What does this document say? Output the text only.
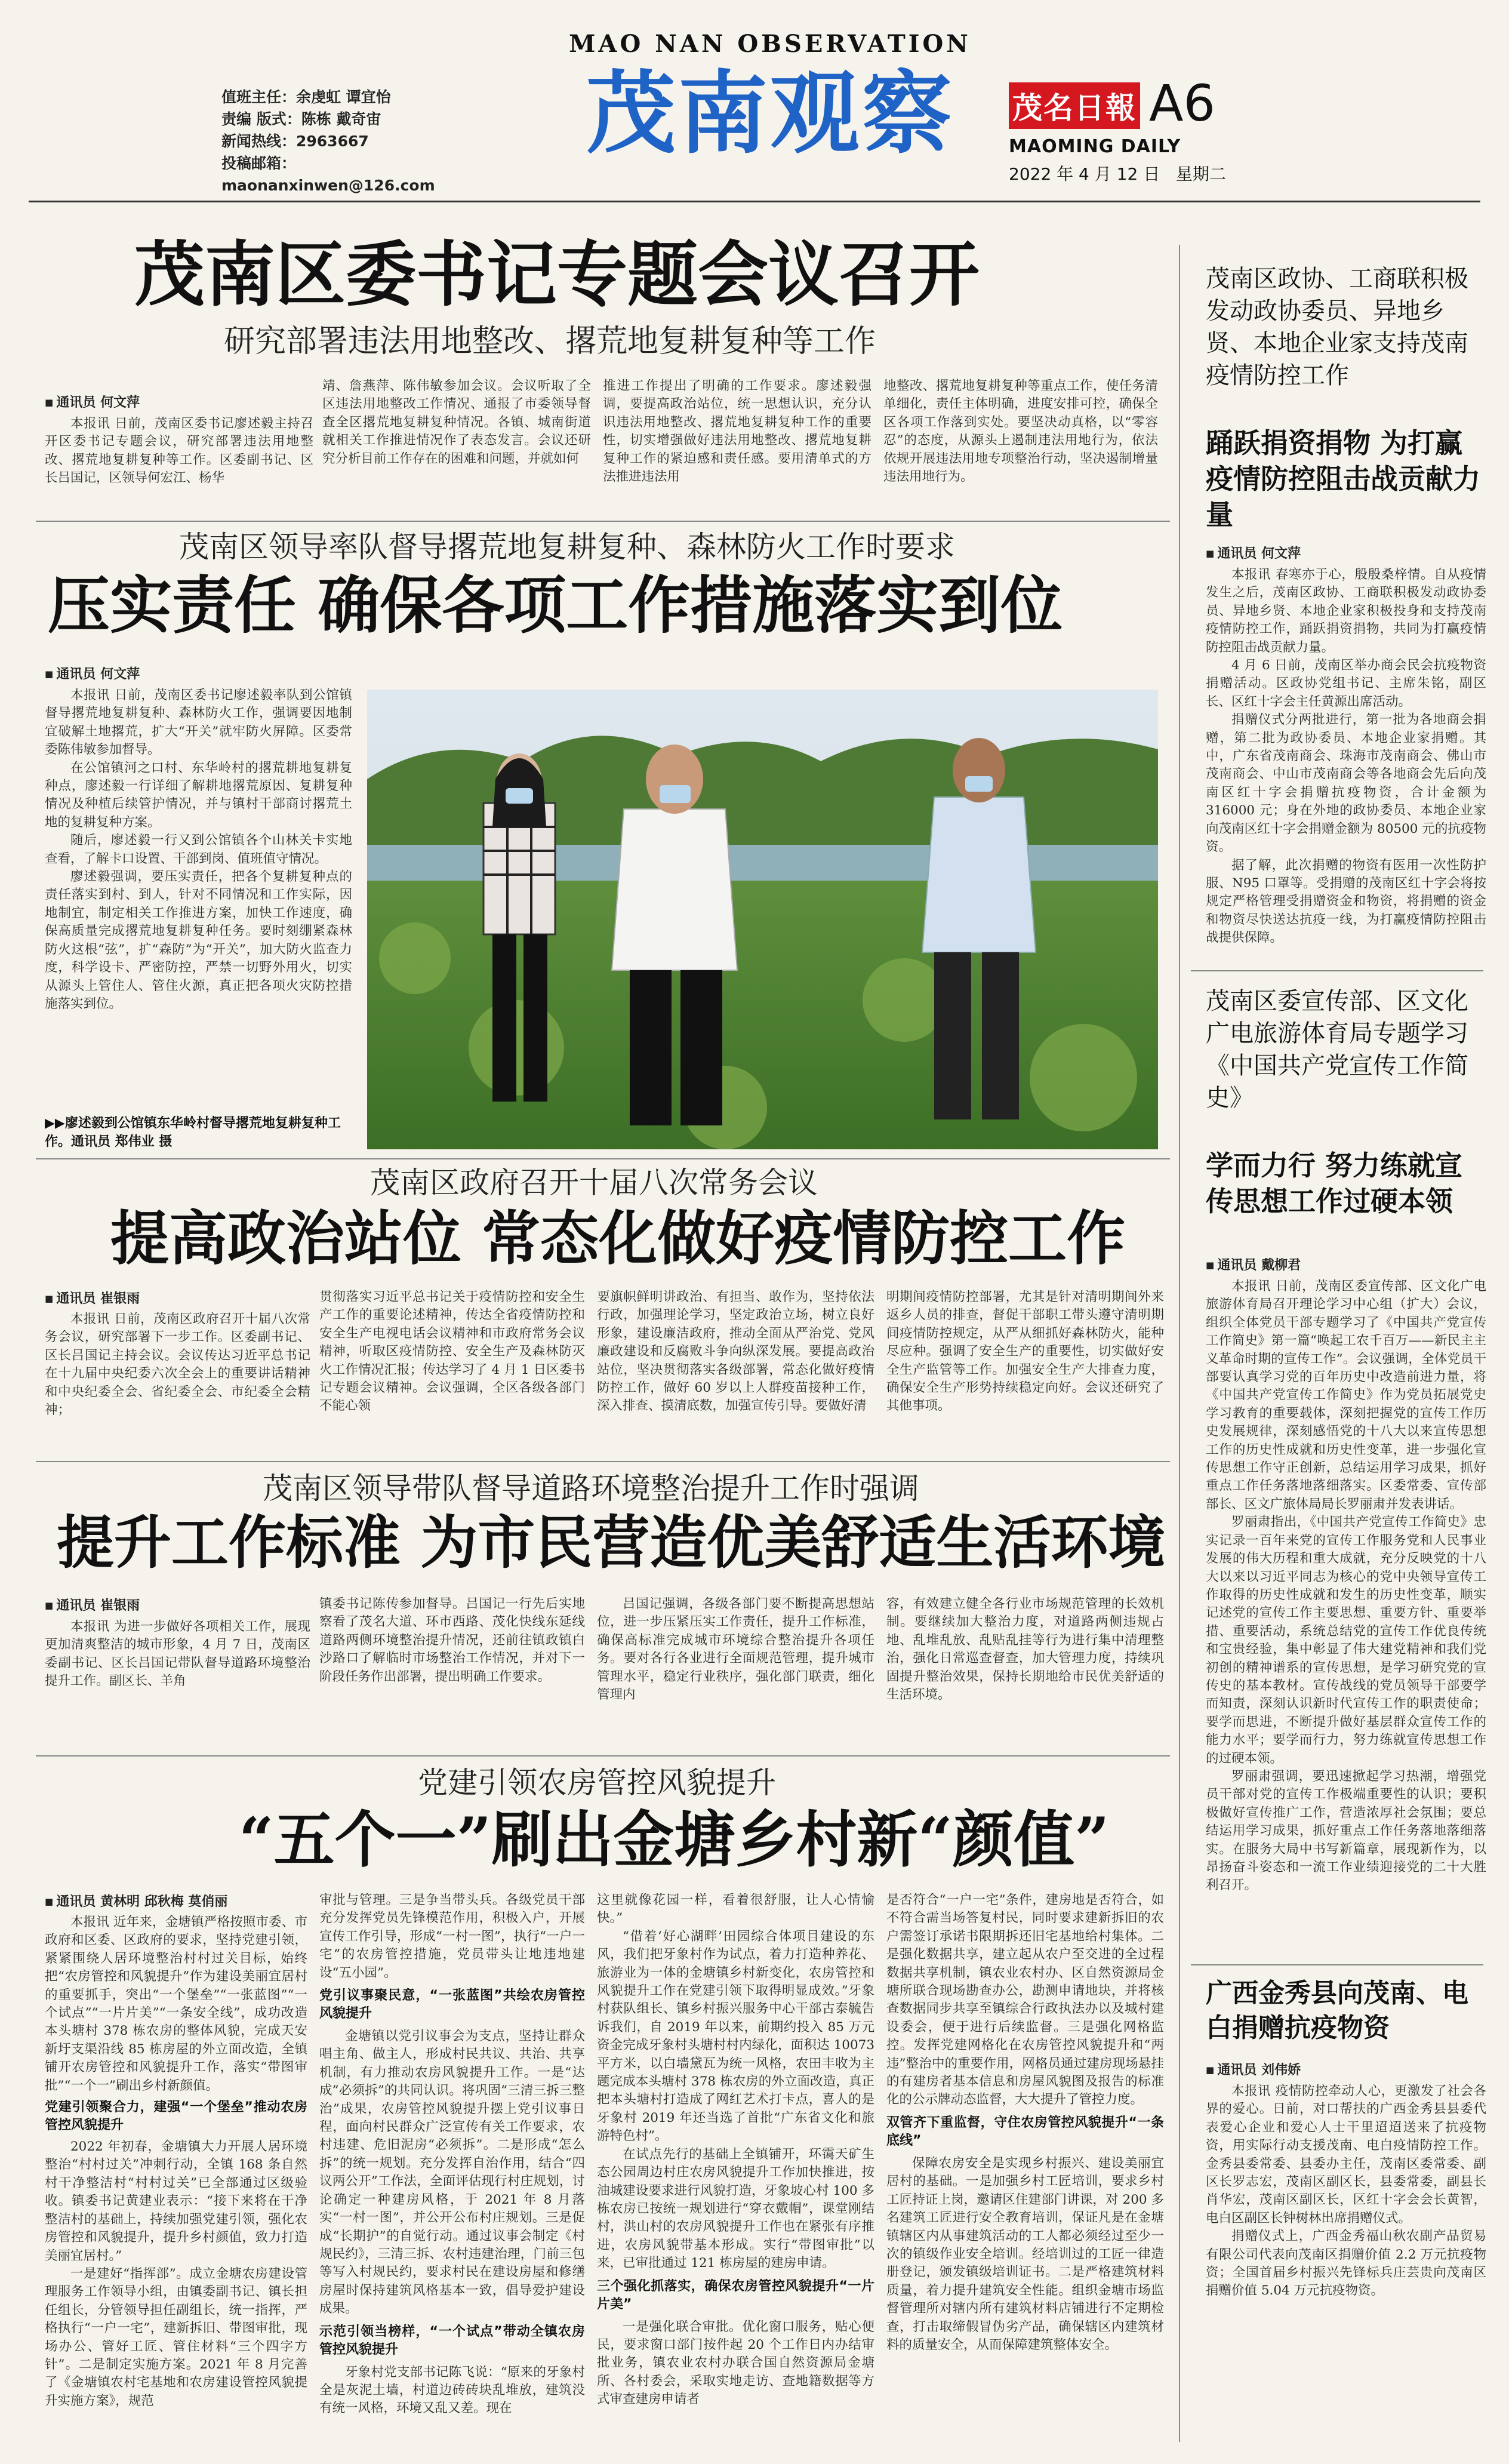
值班主任：余虔虹 谭宜怡
责编 版式：陈栋 戴奇宙
新闻热线：2963667
投稿邮箱：maonanxinwen@126.com
MAO NAN OBSERVATION
茂南观察	茂名日報 A6
MAOMING DAILY
2022 年 4 月 12 日   星期二
茂南区委书记专题会议召开
研究部署违法用地整改、撂荒地复耕复种等工作
■ 通讯员 何文萍

本报讯 日前，茂南区委书记廖述毅主持召开区委书记专题会议，研究部署违法用地整改、撂荒地复耕复种等工作。区委副书记、区长吕国记，区领导何宏江、杨华

靖、詹燕萍、陈伟敏参加会议。会议听取了全区违法用地整改工作情况、通报了市委领导督查全区撂荒地复耕复种情况。各镇、城南街道就相关工作推进情况作了表态发言。会议还研究分析目前工作存在的困难和问题，并就如何

推进工作提出了明确的工作要求。廖述毅强调，要提高政治站位，统一思想认识，充分认识违法用地整改、撂荒地复耕复种工作的重要性，切实增强做好违法用地整改、撂荒地复耕复种工作的紧迫感和责任感。要用清单式的方法推进违法用

地整改、撂荒地复耕复种等重点工作，使任务清单细化，责任主体明确，进度安排可控，确保全区各项工作落到实处。要坚决动真格，以“零容忍”的态度，从源头上遏制违法用地行为，依法依规开展违法用地专项整治行动，坚决遏制增量违法用地行为。

茂南区领导率队督导撂荒地复耕复种、森林防火工作时要求
压实责任 确保各项工作措施落实到位
■ 通讯员 何文萍

本报讯 日前，茂南区委书记廖述毅率队到公馆镇督导撂荒地复耕复种、森林防火工作，强调要因地制宜破解土地撂荒，扩大“开关”就牢防火屏障。区委常委陈伟敏参加督导。

在公馆镇河之口村、东华岭村的撂荒耕地复耕复种点，廖述毅一行详细了解耕地撂荒原因、复耕复种情况及种植后续管护情况，并与镇村干部商讨撂荒土地的复耕复种方案。

随后，廖述毅一行又到公馆镇各个山林关卡实地查看，了解卡口设置、干部到岗、值班值守情况。

廖述毅强调，要压实责任，把各个复耕复种点的责任落实到村、到人，针对不同情况和工作实际，因地制宜，制定相关工作推进方案，加快工作速度，确保高质量完成撂荒地复耕复种任务。要时刻绷紧森林防火这根“弦”，扩“森防”为“开关”，加大防火监查力度，科学设卡、严密防控，严禁一切野外用火，切实从源头上管住人、管住火源，真正把各项火灾防控措施落实到位。

▶▶廖述毅到公馆镇东华岭村督导撂荒地复耕复种工作。通讯员 郑伟业 摄
茂南区政府召开十届八次常务会议
提高政治站位 常态化做好疫情防控工作
■ 通讯员 崔银雨

本报讯 日前，茂南区政府召开十届八次常务会议，研究部署下一步工作。区委副书记、区长吕国记主持会议。会议传达习近平总书记在十九届中央纪委六次全会上的重要讲话精神和中央纪委全会、省纪委全会、市纪委全会精神；

贯彻落实习近平总书记关于疫情防控和安全生产工作的重要论述精神，传达全省疫情防控和安全生产电视电话会议精神和市政府常务会议精神，听取区疫情防控、安全生产及森林防灭火工作情况汇报；传达学习了 4 月 1 日区委书记专题会议精神。会议强调，全区各级各部门不能心领

要旗帜鲜明讲政治、有担当、敢作为，坚持依法行政，加强理论学习，坚定政治立场，树立良好形象，建设廉洁政府，推动全面从严治党、党风廉政建设和反腐败斗争向纵深发展。要提高政治站位，坚决贯彻落实各级部署，常态化做好疫情防控工作，做好 60 岁以上人群疫苗接种工作，深入排查、摸清底数，加强宣传引导。要做好清

明期间疫情防控部署，尤其是针对清明期间外来返乡人员的排查，督促干部职工带头遵守清明期间疫情防控规定，从严从细抓好森林防火，能种尽应种。强调了安全生产的重要性，切实做好安全生产监管等工作。加强安全生产大排查力度，确保安全生产形势持续稳定向好。会议还研究了其他事项。

茂南区领导带队督导道路环境整治提升工作时强调
提升工作标准 为市民营造优美舒适生活环境
■ 通讯员 崔银雨

本报讯 为进一步做好各项相关工作，展现更加清爽整洁的城市形象，4 月 7 日，茂南区委副书记、区长吕国记带队督导道路环境整治提升工作。副区长、羊角

镇委书记陈传参加督导。吕国记一行先后实地察看了茂名大道、环市西路、茂化快线东延线道路两侧环境整治提升情况，还前往镇政镇白沙路口了解临时市场整治工作情况，并对下一阶段任务作出部署，提出明确工作要求。

吕国记强调，各级各部门要不断提高思想站位，进一步压紧压实工作责任，提升工作标准，确保高标准完成城市环境综合整治提升各项任务。要对各行各业进行全面规范管理，提升城市管理水平，稳定行业秩序，强化部门联责，细化管理内

容，有效建立健全各行业市场规范管理的长效机制。要继续加大整治力度，对道路两侧违规占地、乱堆乱放、乱贴乱挂等行为进行集中清理整治，强化日常巡查督查，加大管理力度，持续巩固提升整治效果，保持长期地给市民优美舒适的生活环境。

党建引领农房管控风貌提升
“五个一”刷出金塘乡村新“颜值”
■ 通讯员 黄林明 邱秋梅 莫俏丽

本报讯 近年来，金塘镇严格按照市委、市政府和区委、区政府的要求，坚持党建引领，紧紧围绕人居环境整治村村过关目标，始终把“农房管控和风貌提升”作为建设美丽宜居村的重要抓手，突出“一个堡垒”“一张蓝图”“一个试点”“一片片美”“一条安全线”，成功改造本头塘村 378 栋农房的整体风貌，完成天安新圩支渠沿线 85 栋房屋的外立面改造，全镇铺开农房管控和风貌提升工作，落实“带图审批”“一个一”刷出乡村新颜值。

党建引领聚合力，建强“一个堡垒”推动农房管控风貌提升

2022 年初春，金塘镇大力开展人居环境整治“村村过关”冲刺行动，全镇 168 条自然村干净整洁村“村村过关”已全部通过区级验收。镇委书记黄建业表示：“接下来将在干净整洁村的基础上，持续加强党建引领，强化农房管控和风貌提升，提升乡村颜值，致力打造美丽宜居村。”

一是建好“指挥部”。成立金塘农房建设管理服务工作领导小组，由镇委副书记、镇长担任组长，分管领导担任副组长，统一指挥，严格执行“一户一宅”，建新拆旧、带图审批，现场办公、管好工匠、管住材料“三个四字方针”。二是制定实施方案。2021 年 8 月完善了《金塘镇农村宅基地和农房建设管控风貌提升实施方案》，规范

审批与管理。三是争当带头兵。各级党员干部充分发挥党员先锋模范作用，积极入户，开展宣传工作引导，形成“一村一图”，执行“一户一宅”的农房管控措施，党员带头让地违地建设“五小园”。

党引议事聚民意，“一张蓝图”共绘农房管控风貌提升

金塘镇以党引议事会为支点，坚持让群众唱主角、做主人，形成村民共议、共治、共享机制，有力推动农房风貌提升工作。一是“达成”必须拆”的共同认识。将巩固“三清三拆三整治”成果，农房管控风貌提升摆上党引议事日程，面向村民群众广泛宣传有关工作要求，农村违建、危旧泥房“必须拆”。二是形成“怎么拆”的统一规划。充分发挥自治作用，结合“四议两公开”工作法，全面评估现行村庄规划，讨论确定一种建房风格，于 2021 年 8 月落实“一村一图”，并公开公布村庄规划。三是促成“长期护”的自觉行动。通过议事会制定《村规民约》，三清三拆、农村违建治理，门前三包等写入村规民约，要求村民在建设房屋和修缮房屋时保持建筑风格基本一致，倡导爱护建设成果。

示范引领当榜样，“一个试点”带动全镇农房管控风貌提升

牙象村党支部书记陈飞说：“原来的牙象村全是灰泥土墙，村道边砖砖块乱堆放，建筑没有统一风格，环境又乱又差。现在

这里就像花园一样，看着很舒服，让人心情愉快。”

“借着‘好心湖畔’田园综合体项目建设的东风，我们把牙象村作为试点，着力打造种养花、旅游业为一体的金塘镇乡村新变化，农房管控和风貌提升工作在党建引领下取得明显成效。”牙象村获队组长、镇乡村振兴服务中心干部古泰毓告诉我们，自 2019 年以来，前期约投入 85 万元资金完成牙象村头塘村村内绿化，面积达 10073 平方米，以白墙黛瓦为统一风格，农田丰收为主题完成本头塘村 378 栋农房的外立面改造，真正把本头塘村打造成了网红艺术打卡点，喜人的是牙象村 2019 年还当选了首批“广东省文化和旅游特色村”。

在试点先行的基础上全镇铺开，环霭天矿生态公园周边村庄农房风貌提升工作加快推进，按油城建设要求进行风貌打造，牙象坡心村 100 多栋农房已按统一规划进行“穿衣戴帽”，课堂刚结村，洪山村的农房风貌提升工作也在紧张有序推进，农房风貌带基本形成。实行“带图审批”以来，已审批通过 121 栋房屋的建房申请。

三个强化抓落实，确保农房管控风貌提升“一片片美”

一是强化联合审批。优化窗口服务，贴心便民，要求窗口部门按件起 20 个工作日内办结审批业务，镇农业农村办联合国自然资源局金塘所、各村委会，采取实地走访、查地籍数据等方式审查建房申请者

是否符合“一户一宅”条件，建房地是否符合，如不符合需当场答复村民，同时要求建新拆旧的农户需签订承诺书限期拆还旧宅基地给村集体。二是强化数据共享，建立起从农户至交进的全过程数据共享机制，镇农业农村办、区自然资源局金塘所联合现场勘查办公，勘测申请地块，并将核查数据同步共享至镇综合行政执法办以及城村建设委会，便于进行后续监督。三是强化网格监控。发挥党建网格化在农房管控风貌提升和“两违”整治中的重要作用，网格员通过建房现场悬挂的有建房者基本信息和房屋风貌图及报告的标准化的公示牌动态监督，大大提升了管控力度。

双管齐下重监督，守住农房管控风貌提升“一条底线”

保障农房安全是实现乡村振兴、建设美丽宜居村的基础。一是加强乡村工匠培训，要求乡村工匠持证上岗，邀请区住建部门讲课，对 200 多名建筑工匠进行安全教育培训，保证凡是在金塘镇辖区内从事建筑活动的工人都必须经过至少一次的镇级作业安全培训。经培训过的工匠一律造册登记，颁发镇级培训证书。二是严格建筑材料质量，着力提升建筑安全性能。组织金塘市场监督管理所对辖内所有建筑材料店铺进行不定期检查，打击取缔假冒伪劣产品，确保辖区内建筑材料的质量安全，从而保障建筑整体安全。

茂南区政协、工商联积极发动政协委员、异地乡贤、本地企业家支持茂南疫情防控工作
踊跃捐资捐物 为打赢疫情防控阻击战贡献力量
■ 通讯员 何文萍

本报讯 春寒亦于心，殷殷桑梓情。自从疫情发生之后，茂南区政协、工商联积极发动政协委员、异地乡贤、本地企业家积极投身和支持茂南疫情防控工作，踊跃捐资捐物，共同为打赢疫情防控阻击战贡献力量。

4 月 6 日前，茂南区举办商会民会抗疫物资捐赠活动。区政协党组书记、主席朱铭，副区长、区红十字会主任黄源出席活动。

捐赠仪式分两批进行，第一批为各地商会捐赠，第二批为政协委员、本地企业家捐赠。其中，广东省茂南商会、珠海市茂南商会、佛山市茂南商会、中山市茂南商会等各地商会先后向茂南区红十字会捐赠抗疫物资，合计金额为 316000 元；身在外地的政协委员、本地企业家向茂南区红十字会捐赠金额为 80500 元的抗疫物资。

据了解，此次捐赠的物资有医用一次性防护服、N95 口罩等。受捐赠的茂南区红十字会将按规定严格管理受捐赠资金和物资，将捐赠的资金和物资尽快送达抗疫一线，为打赢疫情防控阻击战提供保障。

茂南区委宣传部、区文化广电旅游体育局专题学习《中国共产党宣传工作简史》
学而力行 努力练就宣传思想工作过硬本领
■ 通讯员 戴柳君

本报讯 日前，茂南区委宣传部、区文化广电旅游体育局召开理论学习中心组（扩大）会议，组织全体党员干部专题学习了《中国共产党宣传工作简史》第一篇“唤起工农千百万——新民主主义革命时期的宣传工作”。会议强调，全体党员干部要认真学习党的百年历史中改造前进力量，将《中国共产党宣传工作简史》作为党员拓展党史学习教育的重要载体，深刻把握党的宣传工作历史发展规律，深刻感悟党的十八大以来宣传思想工作的历史性成就和历史性变革，进一步强化宣传思想工作守正创新，总结运用学习成果，抓好重点工作任务落地落细落实。区委常委、宣传部部长、区文广旅体局局长罗丽肃并发表讲话。

罗丽肃指出，《中国共产党宣传工作简史》忠实记录一百年来党的宣传工作服务党和人民事业发展的伟大历程和重大成就，充分反映党的十八大以来以习近平同志为核心的党中央领导宣传工作取得的历史性成就和发生的历史性变革，顺实记述党的宣传工作主要思想、重要方针、重要举措、重要活动，系统总结党的宣传工作优良传统和宝贵经验，集中彰显了伟大建党精神和我们党初创的精神谱系的宣传思想，是学习研究党的宣传史的基本教材。宣传战线的党员领导干部要学而知责，深刻认识新时代宣传工作的职责使命；要学而思进，不断提升做好基层群众宣传工作的能力水平；要学而行力，努力练就宣传思想工作的过硬本领。

罗丽肃强调，要迅速掀起学习热潮，增强党员干部对党的宣传工作极端重要性的认识；要积极做好宣传推广工作，营造浓厚社会氛围；要总结运用学习成果，抓好重点工作任务落地落细落实。在服务大局中书写新篇章，展现新作为，以昂扬奋斗姿态和一流工作业绩迎接党的二十大胜利召开。

广西金秀县向茂南、电白捐赠抗疫物资
■ 通讯员 刘伟娇

本报讯 疫情防控牵动人心，更激发了社会各界的爱心。日前，对口帮扶的广西金秀县县委代表爱心企业和爱心人士干里迢迢送来了抗疫物资，用实际行动支援茂南、电白疫情防控工作。金秀县委常委、县委办主任，茂南区委常委、副区长罗志宏，茂南区副区长，县委常委，副县长肖华宏，茂南区副区长，区红十字会会长黄智，电白区副区长钟树林出席捐赠仪式。

捐赠仪式上，广西金秀福山秋农副产品贸易有限公司代表向茂南区捐赠价值 2.2 万元抗疫物资；全国首届乡村振兴先锋标兵庄芸贵向茂南区捐赠价值 5.04 万元抗疫物资。
